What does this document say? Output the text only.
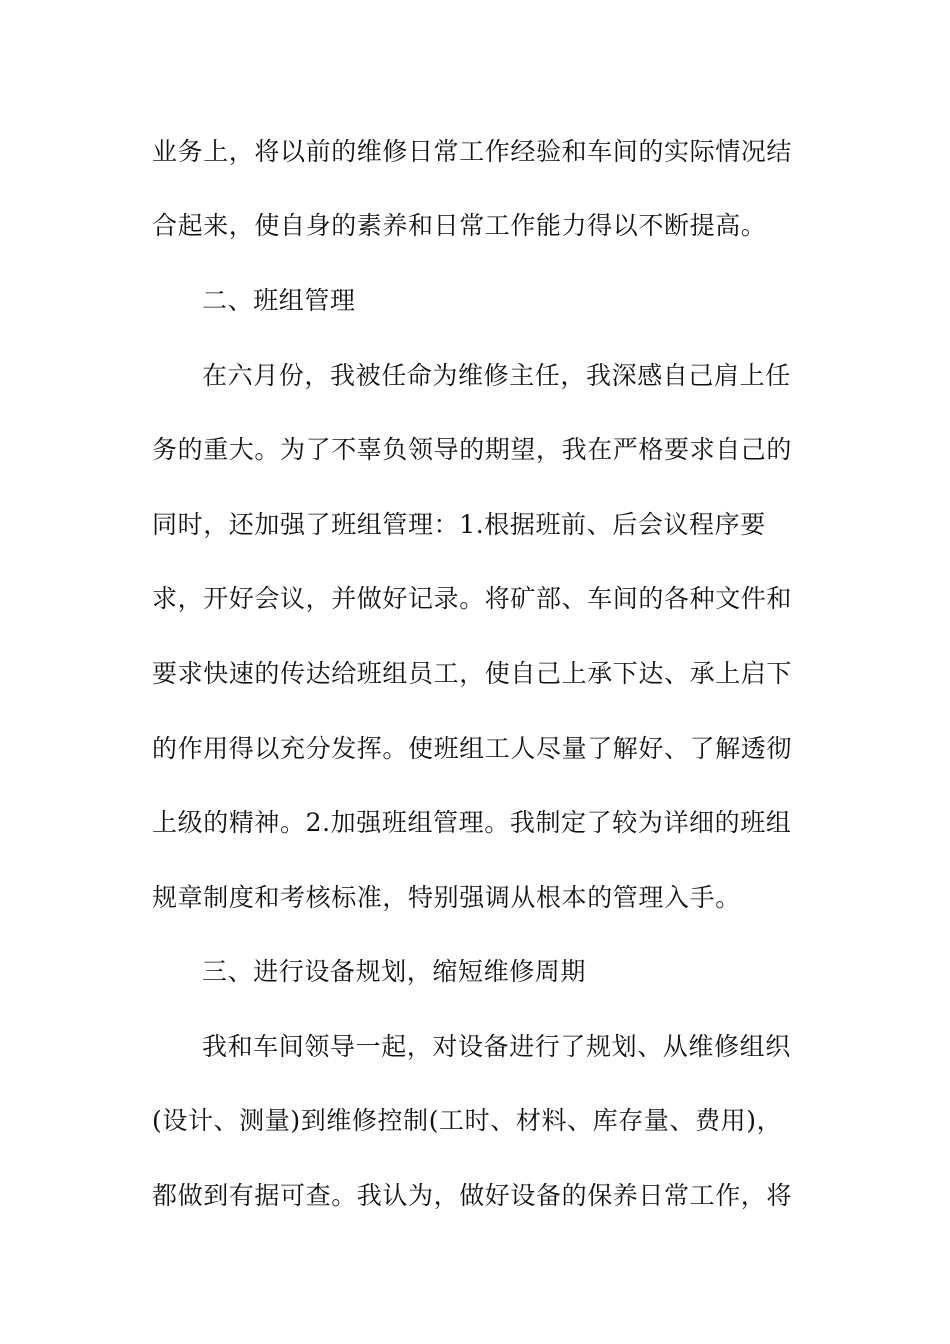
业务上，将以前的维修日常工作经验和车间的实际情况结
合起来，使自身的素养和日常工作能力得以不断提高。
二、班组管理
在六月份，我被任命为维修主任，我深感自己肩上任
务的重大。为了不辜负领导的期望，我在严格要求自己的
同时，还加强了班组管理：1.根据班前、后会议程序要
求，开好会议，并做好记录。将矿部、车间的各种文件和
要求快速的传达给班组员工，使自己上承下达、承上启下
的作用得以充分发挥。使班组工人尽量了解好、了解透彻
上级的精神。2.加强班组管理。我制定了较为详细的班组
规章制度和考核标准，特别强调从根本的管理入手。
三、进行设备规划，缩短维修周期
我和车间领导一起，对设备进行了规划、从维修组织
(设计、测量)到维修控制(工时、材料、库存量、费用)，
都做到有据可查。我认为，做好设备的保养日常工作，将
